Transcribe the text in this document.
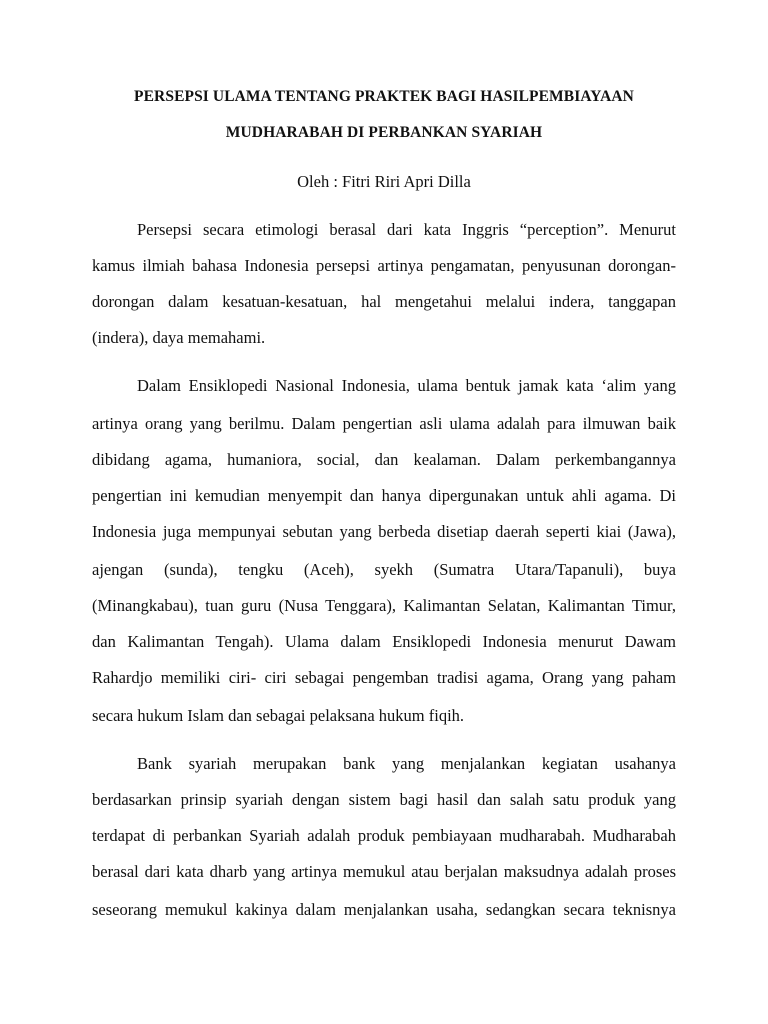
PERSEPSI ULAMA TENTANG PRAKTEK BAGI HASILPEMBIAYAAN
MUDHARABAH DI PERBANKAN SYARIAH

Oleh : Fitri Riri Apri Dilla

Persepsi secara etimologi berasal dari kata Inggris “perception”. Menurut

kamus ilmiah bahasa Indonesia persepsi artinya pengamatan, penyusunan dorongan-

dorongan dalam kesatuan-kesatuan, hal mengetahui melalui indera, tanggapan

(indera), daya memahami.

Dalam Ensiklopedi Nasional Indonesia, ulama bentuk jamak kata ‘alim yang

artinya orang yang berilmu. Dalam pengertian asli ulama adalah para ilmuwan baik

dibidang agama, humaniora, social, dan kealaman. Dalam perkembangannya

pengertian ini kemudian menyempit dan hanya dipergunakan untuk ahli agama. Di

Indonesia juga mempunyai sebutan yang berbeda disetiap daerah seperti kiai (Jawa),

ajengan (sunda), tengku (Aceh), syekh (Sumatra Utara/Tapanuli), buya

(Minangkabau), tuan guru (Nusa Tenggara), Kalimantan Selatan, Kalimantan Timur,

dan Kalimantan Tengah). Ulama dalam Ensiklopedi Indonesia menurut Dawam

Rahardjo memiliki ciri- ciri sebagai pengemban tradisi agama, Orang yang paham

secara hukum Islam dan sebagai pelaksana hukum fiqih.

Bank syariah merupakan bank yang menjalankan kegiatan usahanya

berdasarkan prinsip syariah dengan sistem bagi hasil dan salah satu produk yang

terdapat di perbankan Syariah adalah produk pembiayaan mudharabah. Mudharabah

berasal dari kata dharb yang artinya memukul atau berjalan maksudnya adalah proses

seseorang memukul kakinya dalam menjalankan usaha, sedangkan secara teknisnya
